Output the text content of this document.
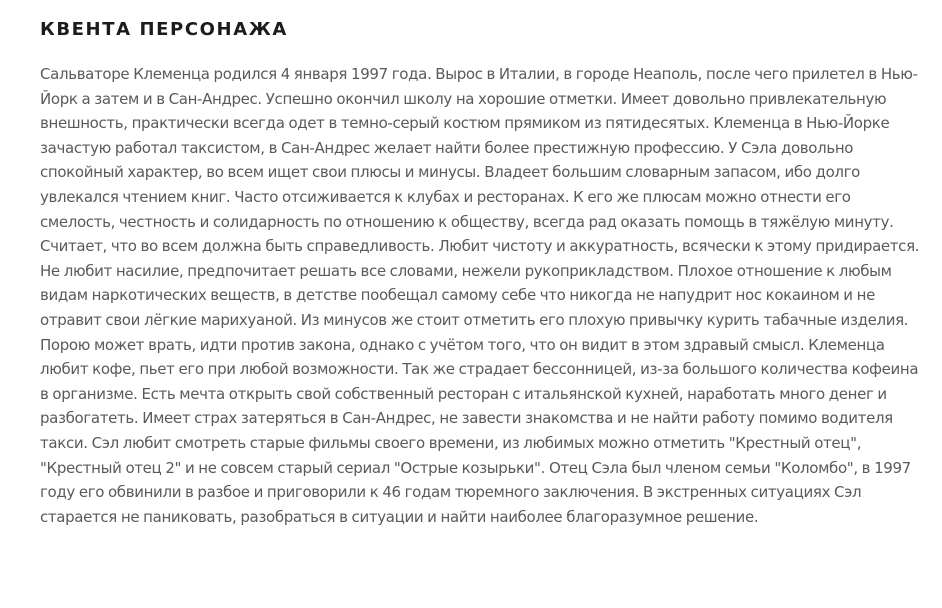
КВЕНТА ПЕРСОНАЖА

Сальваторе Клеменца родился 4 января 1997 года. Вырос в Италии, в городе Неаполь, после чего прилетел в Нью-Йорк а затем и в Сан-Андрес. Успешно окончил школу на хорошие отметки. Имеет довольно привлекательную внешность, практически всегда одет в темно-серый костюм прямиком из пятидесятых. Клеменца в Нью-Йорке зачастую работал таксистом, в Сан-Андрес желает найти более престижную профессию. У Сэла довольно спокойный характер, во всем ищет свои плюсы и минусы. Владеет большим словарным запасом, ибо долго увлекался чтением книг. Часто отсиживается к клубах и ресторанах. К его же плюсам можно отнести его смелость, честность и солидарность по отношению к обществу, всегда рад оказать помощь в тяжёлую минуту. Считает, что во всем должна быть справедливость. Любит чистоту и аккуратность, всячески к этому придирается. Не любит насилие, предпочитает решать все словами, нежели рукоприкладством. Плохое отношение к любым видам наркотических веществ, в детстве пообещал самому себе что никогда не напудрит нос кокаином и не отравит свои лёгкие марихуаной. Из минусов же стоит отметить его плохую привычку курить табачные изделия. Порою может врать, идти против закона, однако с учётом того, что он видит в этом здравый смысл. Клеменца любит кофе, пьет его при любой возможности. Так же страдает бессонницей, из-за большого количества кофеина в организме. Есть мечта открыть свой собственный ресторан с итальянской кухней, наработать много денег и разбогатеть. Имеет страх затеряться в Сан-Андрес, не завести знакомства и не найти работу помимо водителя такси. Сэл любит смотреть старые фильмы своего времени, из любимых можно отметить "Крестный отец", "Крестный отец 2" и не совсем старый сериал "Острые козырьки". Отец Сэла был членом семьи "Коломбо", в 1997 году его обвинили в разбое и приговорили к 46 годам тюремного заключения. В экстренных ситуациях Сэл старается не паниковать, разобраться в ситуации и найти наиболее благоразумное решение.
